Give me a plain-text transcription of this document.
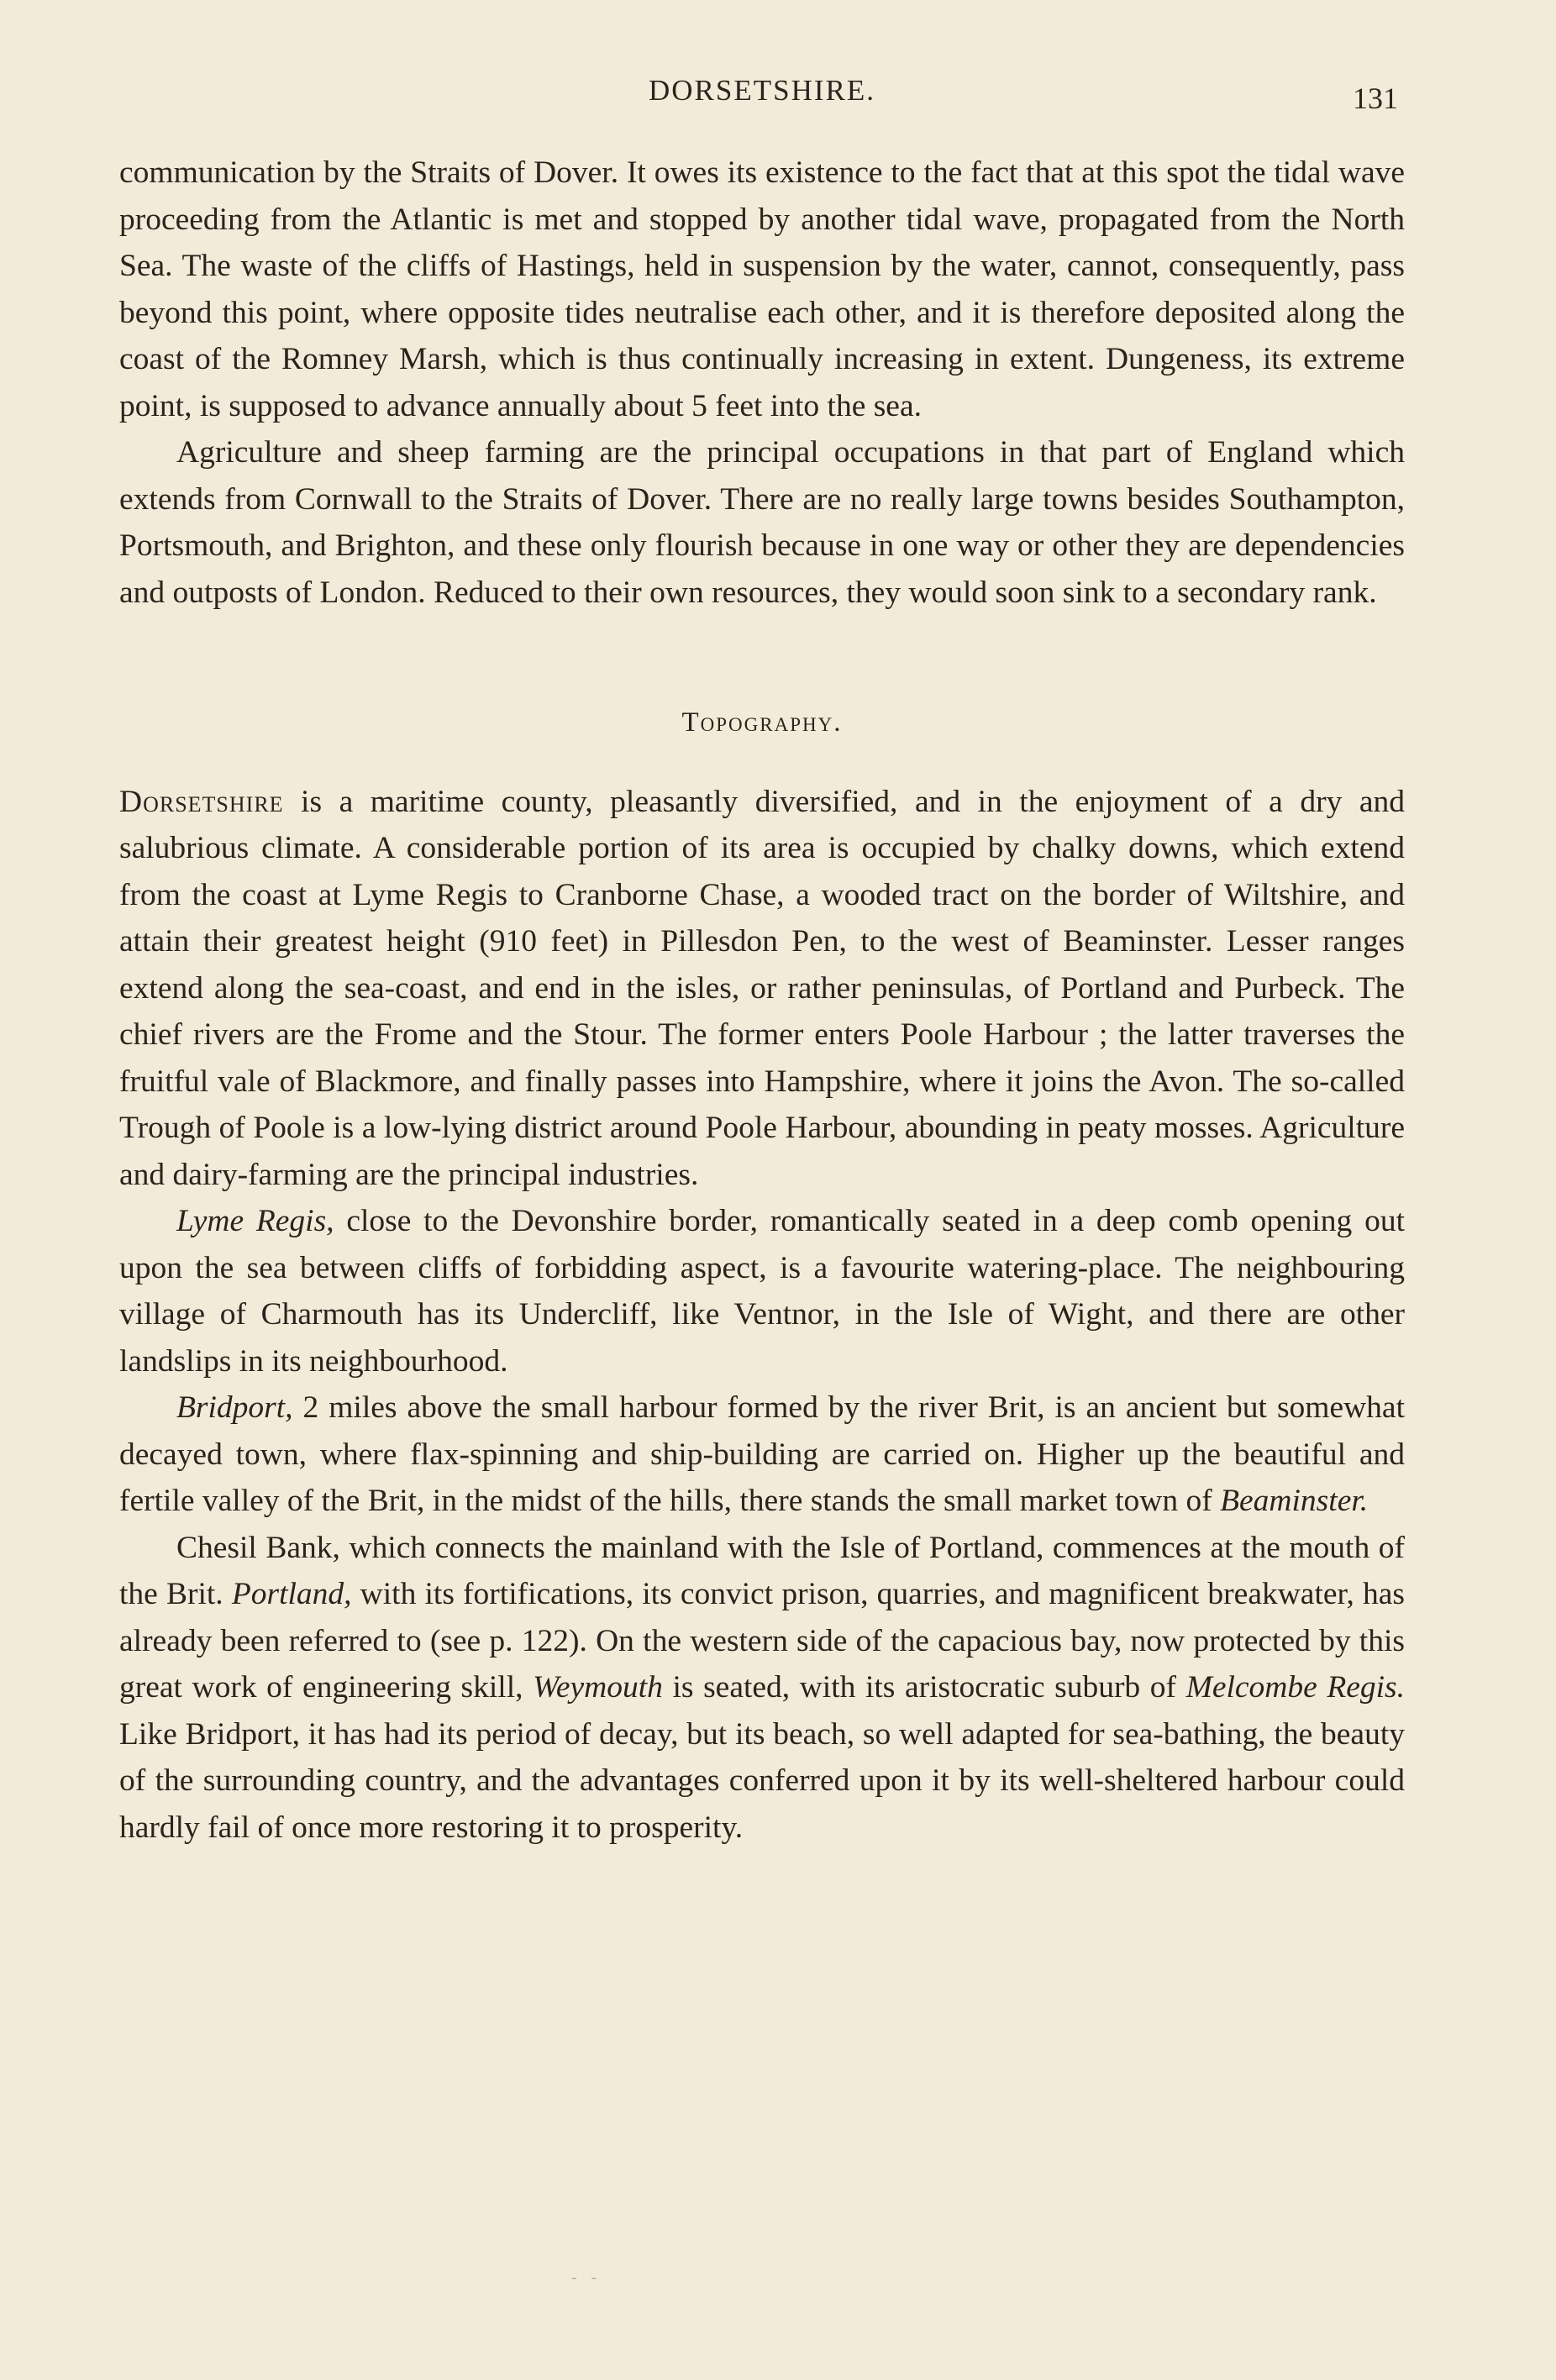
DORSETSHIRE.	131

communication by the Straits of Dover. It owes its existence to the fact that at this spot the tidal wave proceeding from the Atlantic is met and stopped by another tidal wave, propagated from the North Sea. The waste of the cliffs of Hastings, held in suspension by the water, cannot, consequently, pass beyond this point, where opposite tides neutralise each other, and it is therefore deposited along the coast of the Romney Marsh, which is thus continually increasing in extent. Dungeness, its extreme point, is supposed to advance annually about 5 feet into the sea.

Agriculture and sheep farming are the principal occupations in that part of England which extends from Cornwall to the Straits of Dover. There are no really large towns besides Southampton, Portsmouth, and Brighton, and these only flourish because in one way or other they are dependencies and outposts of London. Reduced to their own resources, they would soon sink to a secondary rank.

Topography.

Dorsetshire is a maritime county, pleasantly diversified, and in the enjoyment of a dry and salubrious climate. A considerable portion of its area is occupied by chalky downs, which extend from the coast at Lyme Regis to Cranborne Chase, a wooded tract on the border of Wiltshire, and attain their greatest height (910 feet) in Pillesdon Pen, to the west of Beaminster. Lesser ranges extend along the sea-coast, and end in the isles, or rather peninsulas, of Portland and Purbeck. The chief rivers are the Frome and the Stour. The former enters Poole Harbour ; the latter traverses the fruitful vale of Blackmore, and finally passes into Hampshire, where it joins the Avon. The so-called Trough of Poole is a low-lying district around Poole Harbour, abounding in peaty mosses. Agriculture and dairy-farming are the principal industries.

Lyme Regis, close to the Devonshire border, romantically seated in a deep comb opening out upon the sea between cliffs of forbidding aspect, is a favourite watering-place. The neighbouring village of Charmouth has its Undercliff, like Ventnor, in the Isle of Wight, and there are other landslips in its neighbourhood.

Bridport, 2 miles above the small harbour formed by the river Brit, is an ancient but somewhat decayed town, where flax-spinning and ship-building are carried on. Higher up the beautiful and fertile valley of the Brit, in the midst of the hills, there stands the small market town of Beaminster.

Chesil Bank, which connects the mainland with the Isle of Portland, commences at the mouth of the Brit. Portland, with its fortifications, its convict prison, quarries, and magnificent breakwater, has already been referred to (see p. 122). On the western side of the capacious bay, now protected by this great work of engineering skill, Weymouth is seated, with its aristocratic suburb of Melcombe Regis. Like Bridport, it has had its period of decay, but its beach, so well adapted for sea-bathing, the beauty of the surrounding country, and the advantages conferred upon it by its well-sheltered harbour could hardly fail of once more restoring it to prosperity.

- -
